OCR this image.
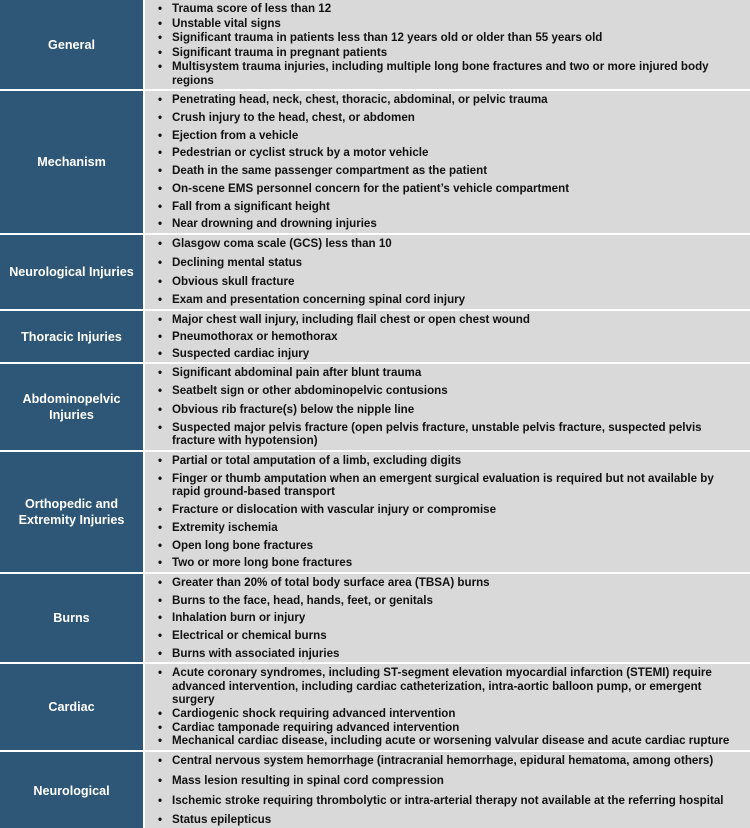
General
• Trauma score of less than 12
• Unstable vital signs
• Significant trauma in patients less than 12 years old or older than 55 years old
• Significant trauma in pregnant patients
• Multisystem trauma injuries, including multiple long bone fractures and two or more injured body regions
Mechanism
• Penetrating head, neck, chest, thoracic, abdominal, or pelvic trauma
• Crush injury to the head, chest, or abdomen
• Ejection from a vehicle
• Pedestrian or cyclist struck by a motor vehicle
• Death in the same passenger compartment as the patient
• On-scene EMS personnel concern for the patient’s vehicle compartment
• Fall from a significant height
• Near drowning and drowning injuries
Neurological Injuries
• Glasgow coma scale (GCS) less than 10
• Declining mental status
• Obvious skull fracture
• Exam and presentation concerning spinal cord injury
Thoracic Injuries
• Major chest wall injury, including flail chest or open chest wound
• Pneumothorax or hemothorax
• Suspected cardiac injury
Abdominopelvic Injuries
• Significant abdominal pain after blunt trauma
• Seatbelt sign or other abdominopelvic contusions
• Obvious rib fracture(s) below the nipple line
• Suspected major pelvis fracture (open pelvis fracture, unstable pelvis fracture, suspected pelvis fracture with hypotension)
Orthopedic and Extremity Injuries
• Partial or total amputation of a limb, excluding digits
• Finger or thumb amputation when an emergent surgical evaluation is required but not available by rapid ground-based transport
• Fracture or dislocation with vascular injury or compromise
• Extremity ischemia
• Open long bone fractures
• Two or more long bone fractures
Burns
• Greater than 20% of total body surface area (TBSA) burns
• Burns to the face, head, hands, feet, or genitals
• Inhalation burn or injury
• Electrical or chemical burns
• Burns with associated injuries
Cardiac
• Acute coronary syndromes, including ST-segment elevation myocardial infarction (STEMI) require advanced intervention, including cardiac catheterization, intra-aortic balloon pump, or emergent surgery
• Cardiogenic shock requiring advanced intervention
• Cardiac tamponade requiring advanced intervention
• Mechanical cardiac disease, including acute or worsening valvular disease and acute cardiac rupture
Neurological
• Central nervous system hemorrhage (intracranial hemorrhage, epidural hematoma, among others)
• Mass lesion resulting in spinal cord compression
• Ischemic stroke requiring thrombolytic or intra-arterial therapy not available at the referring hospital
• Status epilepticus
